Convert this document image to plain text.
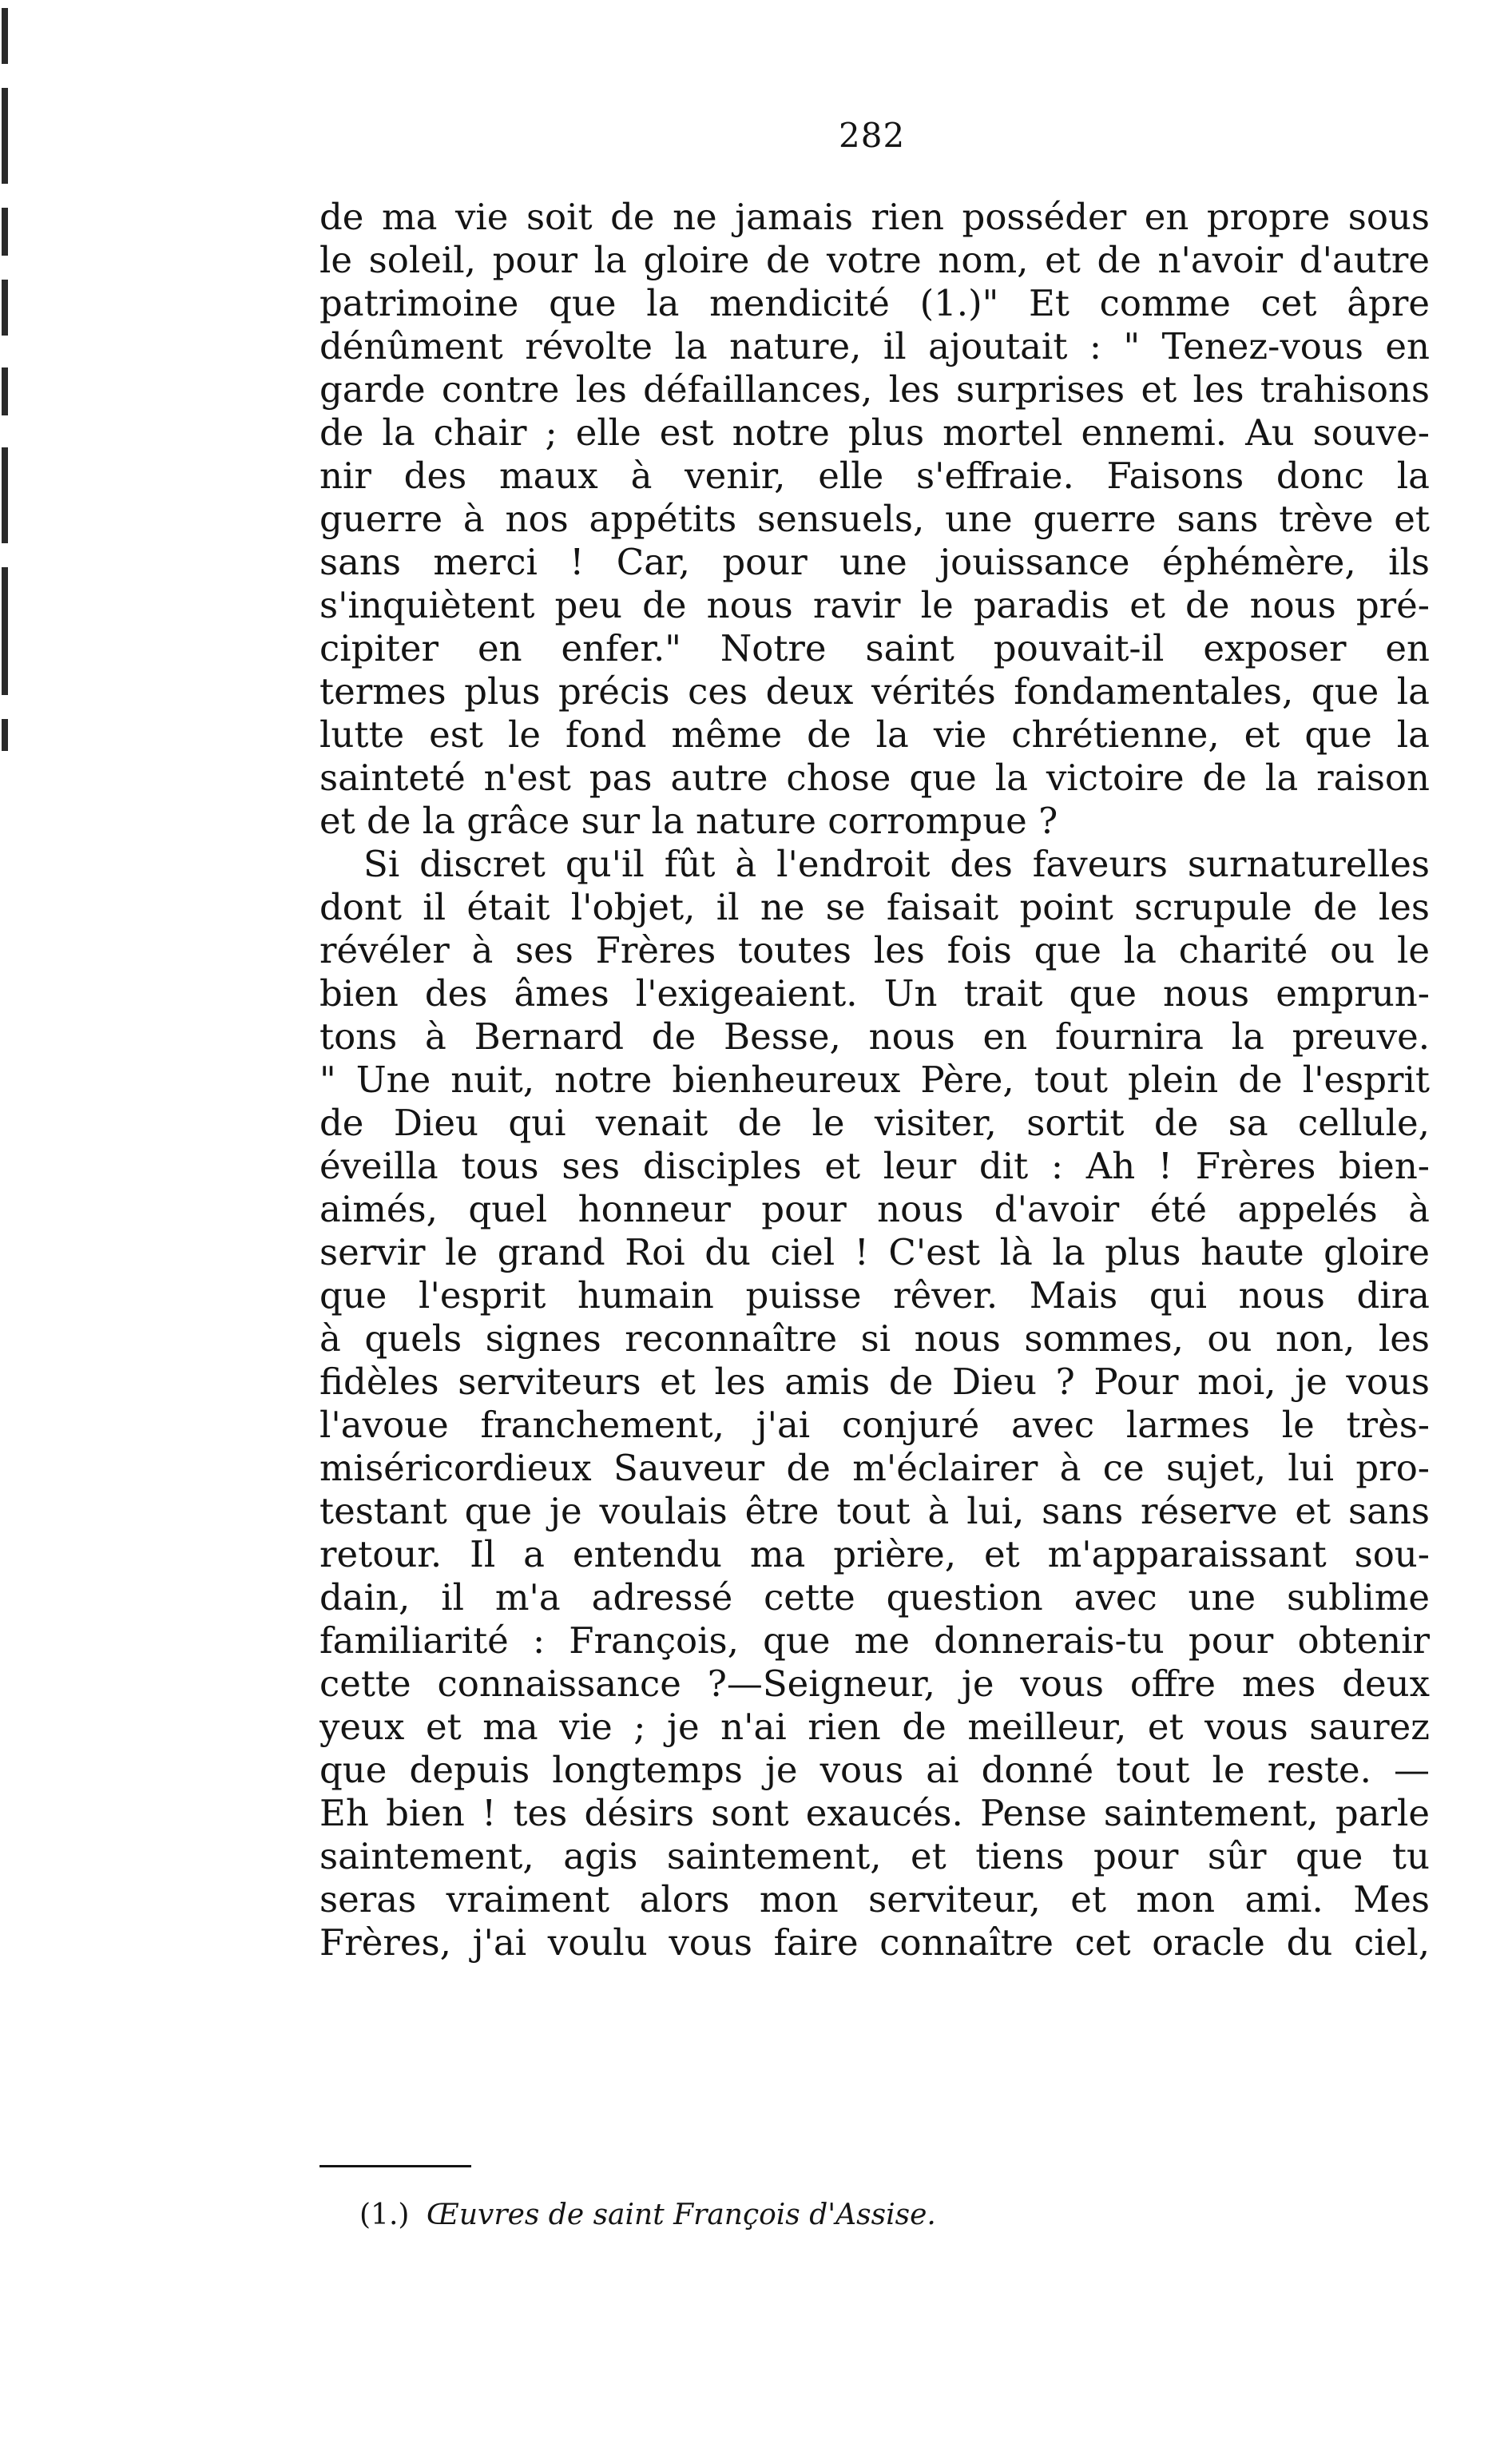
282
de ma vie soit de ne jamais rien posséder en propre sous
le soleil, pour la gloire de votre nom, et de n'avoir d'autre
patrimoine que la mendicité (1.)" Et comme cet âpre
dénûment révolte la nature, il ajoutait : " Tenez-vous en
garde contre les défaillances, les surprises et les trahisons
de la chair ; elle est notre plus mortel ennemi. Au souve-
nir des maux à venir, elle s'effraie. Faisons donc la
guerre à nos appétits sensuels, une guerre sans trève et
sans merci ! Car, pour une jouissance éphémère, ils
s'inquiètent peu de nous ravir le paradis et de nous pré-
cipiter en enfer." Notre saint pouvait-il exposer en
termes plus précis ces deux vérités fondamentales, que la
lutte est le fond même de la vie chrétienne, et que la
sainteté n'est pas autre chose que la victoire de la raison
et de la grâce sur la nature corrompue ?
Si discret qu'il fût à l'endroit des faveurs surnaturelles
dont il était l'objet, il ne se faisait point scrupule de les
révéler à ses Frères toutes les fois que la charité ou le
bien des âmes l'exigeaient. Un trait que nous emprun-
tons à Bernard de Besse, nous en fournira la preuve.
" Une nuit, notre bienheureux Père, tout plein de l'esprit
de Dieu qui venait de le visiter, sortit de sa cellule,
éveilla tous ses disciples et leur dit : Ah ! Frères bien-
aimés, quel honneur pour nous d'avoir été appelés à
servir le grand Roi du ciel ! C'est là la plus haute gloire
que l'esprit humain puisse rêver. Mais qui nous dira
à quels signes reconnaître si nous sommes, ou non, les
fidèles serviteurs et les amis de Dieu ? Pour moi, je vous
l'avoue franchement, j'ai conjuré avec larmes le très-
miséricordieux Sauveur de m'éclairer à ce sujet, lui pro-
testant que je voulais être tout à lui, sans réserve et sans
retour. Il a entendu ma prière, et m'apparaissant sou-
dain, il m'a adressé cette question avec une sublime
familiarité : François, que me donnerais-tu pour obtenir
cette connaissance ?—Seigneur, je vous offre mes deux
yeux et ma vie ; je n'ai rien de meilleur, et vous saurez
que depuis longtemps je vous ai donné tout le reste. —
Eh bien ! tes désirs sont exaucés. Pense saintement, parle
saintement, agis saintement, et tiens pour sûr que tu
seras vraiment alors mon serviteur, et mon ami. Mes
Frères, j'ai voulu vous faire connaître cet oracle du ciel,
(1.) Œuvres de saint François d'Assise.
